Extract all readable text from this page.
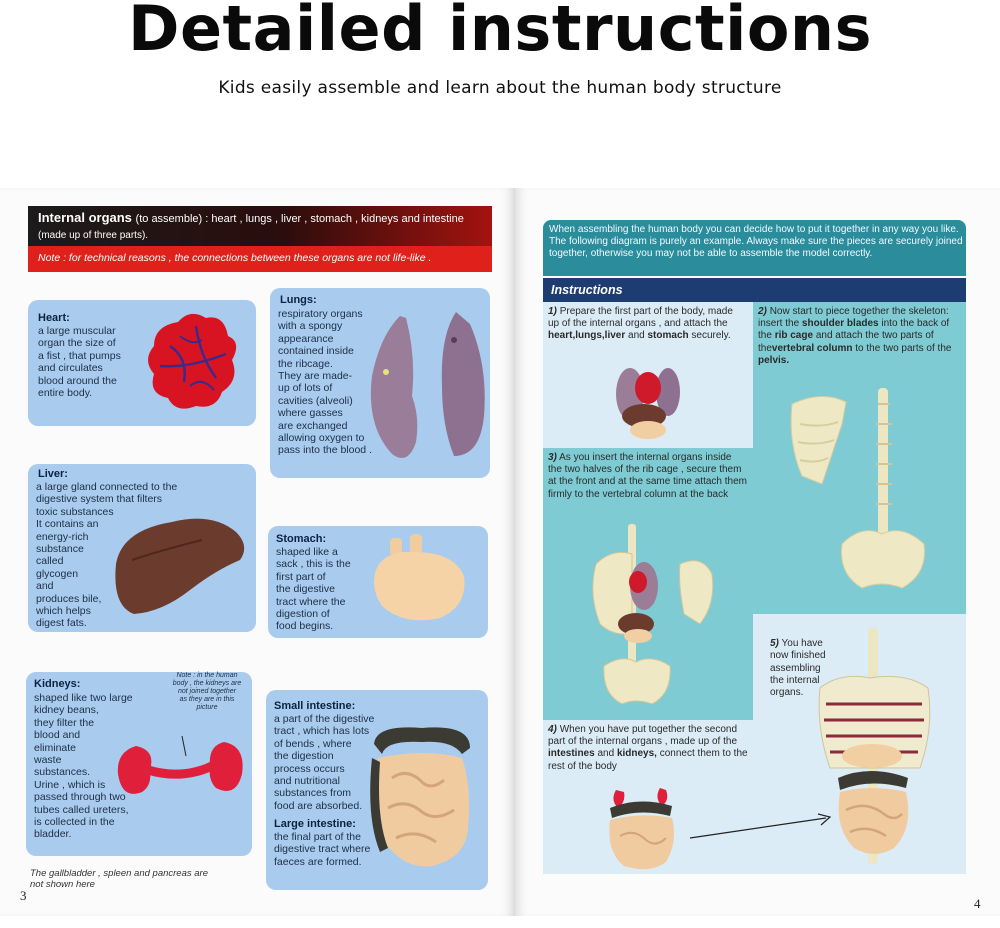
Detailed instructions
Kids easily assemble and learn about the human body structure
Internal organs (to assemble) : heart , lungs , liver , stomach , kidneys and intestine
(made up of three parts).
Note : for technical reasons , the connections between these organs are not life-like .
Heart:
a large muscular
organ the size of
a fist , that pumps
and circulates
blood around the
entire body.
Lungs:
respiratory organs
with a spongy
appearance
contained inside
the ribcage.
They are made-
up of lots of
cavities (alveoli)
where gasses
are exchanged
allowing oxygen to
pass into the blood .
Liver:
a large gland connected to the
digestive system that filters
toxic substances
It contains an
energy-rich
substance
called
glycogen
and
produces bile,
which helps
digest fats.
Stomach:
shaped like a
sack , this is the
first part of
the digestive
tract where the
digestion of
food begins.
Kidneys:
shaped like two large
kidney beans,
they filter the
blood and
eliminate
waste
substances.
Urine , which is
passed through two
tubes called ureters,
is collected in the
bladder.
Note : in the human
body , the kidneys are
not joined together
as they are in this
picture	Small intestine:
a part of the digestive
tract , which has lots
of bends , where
the digestion
process occurs
and nutritional
substances from
food are absorbed.
Large intestine:
the final part of the
digestive tract where
faeces are formed.
The gallbladder , spleen and pancreas are
not shown here
3
When assembling the human body you can decide how to put it together in any way you like. The following diagram is purely an example. Always make sure the pieces are securely joined together, otherwise you may not be able to assemble the model correctly.
Instructions
1) Prepare the first part of the body, made up of the internal organs , and attach the heart,lungs,liver and stomach securely.
2) Now start to piece together the skeleton: insert the shoulder blades into the back of the rib cage and attach the two parts of thevertebral column to the two parts of the pelvis.
3) As you insert the internal organs inside the two halves of the rib cage , secure them at the front and at the same time attach them firmly to the vertebral column at the back
4) When you have put together the second part of the internal organs , made up of the intestines and kidneys, connect them to the rest of the body

5) You have
now finished
assembling
the internal
organs.

4
